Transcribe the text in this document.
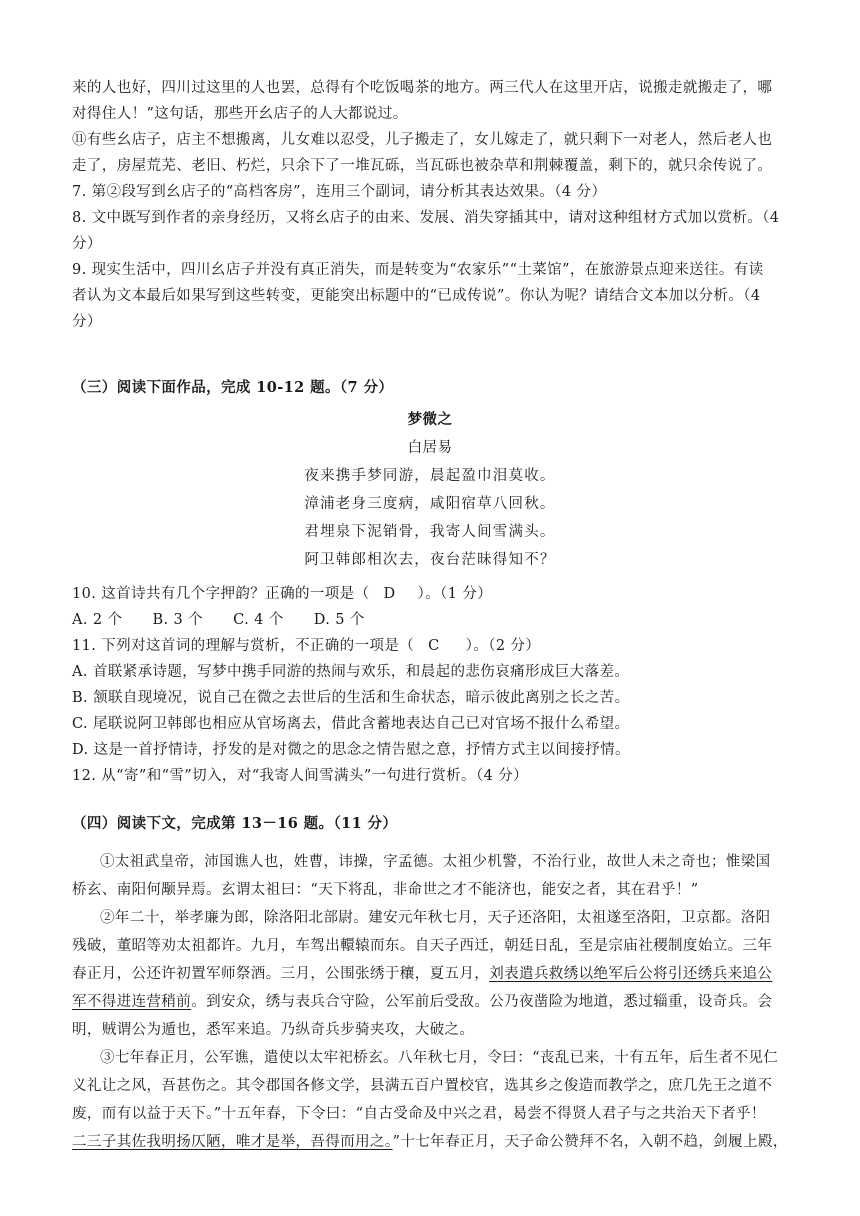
来的人也好，四川过这里的人也罢，总得有个吃饭喝茶的地方。两三代人在这里开店，说搬走就搬走了，哪
对得住人！”这句话，那些开幺店子的人大都说过。
⑪有些幺店子，店主不想搬离，儿女难以忍受，儿子搬走了，女儿嫁走了，就只剩下一对老人，然后老人也
走了，房屋荒芜、老旧、朽烂，只余下了一堆瓦砾，当瓦砾也被杂草和荆棘覆盖，剩下的，就只余传说了。
7. 第②段写到幺店子的“高档客房”，连用三个副词，请分析其表达效果。（4 分）
8. 文中既写到作者的亲身经历，又将幺店子的由来、发展、消失穿插其中，请对这种组材方式加以赏析。（4
分）
9. 现实生活中，四川幺店子并没有真正消失，而是转变为“农家乐”“土菜馆”，在旅游景点迎来送往。有读
者认为文本最后如果写到这些转变，更能突出标题中的“已成传说”。你认为呢？请结合文本加以分析。（4
分）
（三）阅读下面作品，完成 10-12 题。（7 分）
梦微之
白居易
夜来携手梦同游，晨起盈巾泪莫收。
漳浦老身三度病，咸阳宿草八回秋。
君埋泉下泥销骨，我寄人间雪满头。
阿卫韩郎相次去，夜台茫昧得知不？
10. 这首诗共有几个字押韵？正确的一项是（ D ）。（1 分）
A. 2 个      B. 3 个      C. 4 个      D. 5 个
11. 下列对这首词的理解与赏析，不正确的一项是（ C ）。（2 分）
A. 首联紧承诗题，写梦中携手同游的热闹与欢乐，和晨起的悲伤哀痛形成巨大落差。
B. 颔联自现境况，说自己在微之去世后的生活和生命状态，暗示彼此离别之长之苦。
C. 尾联说阿卫韩郎也相应从官场离去，借此含蓄地表达自己已对官场不报什么希望。
D. 这是一首抒情诗，抒发的是对微之的思念之情告慰之意，抒情方式主以间接抒情。
12. 从“寄”和“雪”切入，对“我寄人间雪满头”一句进行赏析。（4 分）
（四）阅读下文，完成第 13－16 题。（11 分）
①太祖武皇帝，沛国谯人也，姓曹，讳操，字孟德。太祖少机警，不治行业，故世人未之奇也；惟梁国
桥玄、南阳何颙异焉。玄谓太祖曰：“天下将乱，非命世之才不能济也，能安之者，其在君乎！”
②年二十，举孝廉为郎，除洛阳北部尉。建安元年秋七月，天子还洛阳，太祖遂至洛阳，卫京都。洛阳
残破，董昭等劝太祖都许。九月，车驾出轘辕而东。自天子西迁，朝廷日乱，至是宗庙社稷制度始立。三年
春正月，公还许初置军师祭酒。三月，公围张绣于穰，夏五月，刘表遣兵救绣以绝军后公将引还绣兵来追公
军不得进连营稍前。到安众，绣与表兵合守险，公军前后受敌。公乃夜凿险为地道，悉过辎重，设奇兵。会
明，贼谓公为遁也，悉军来追。乃纵奇兵步骑夹攻，大破之。
③七年春正月，公军谯，遣使以太牢祀桥玄。八年秋七月，令曰：“丧乱已来，十有五年，后生者不见仁
义礼让之风，吾甚伤之。其令郡国各修文学，县满五百户置校官，选其乡之俊造而教学之，庶几先王之道不
废，而有以益于天下。”十五年春，下令曰：“自古受命及中兴之君，曷尝不得贤人君子与之共治天下者乎！
二三子其佐我明扬仄陋，唯才是举，吾得而用之。”十七年春正月，天子命公赞拜不名，入朝不趋，剑履上殿，
